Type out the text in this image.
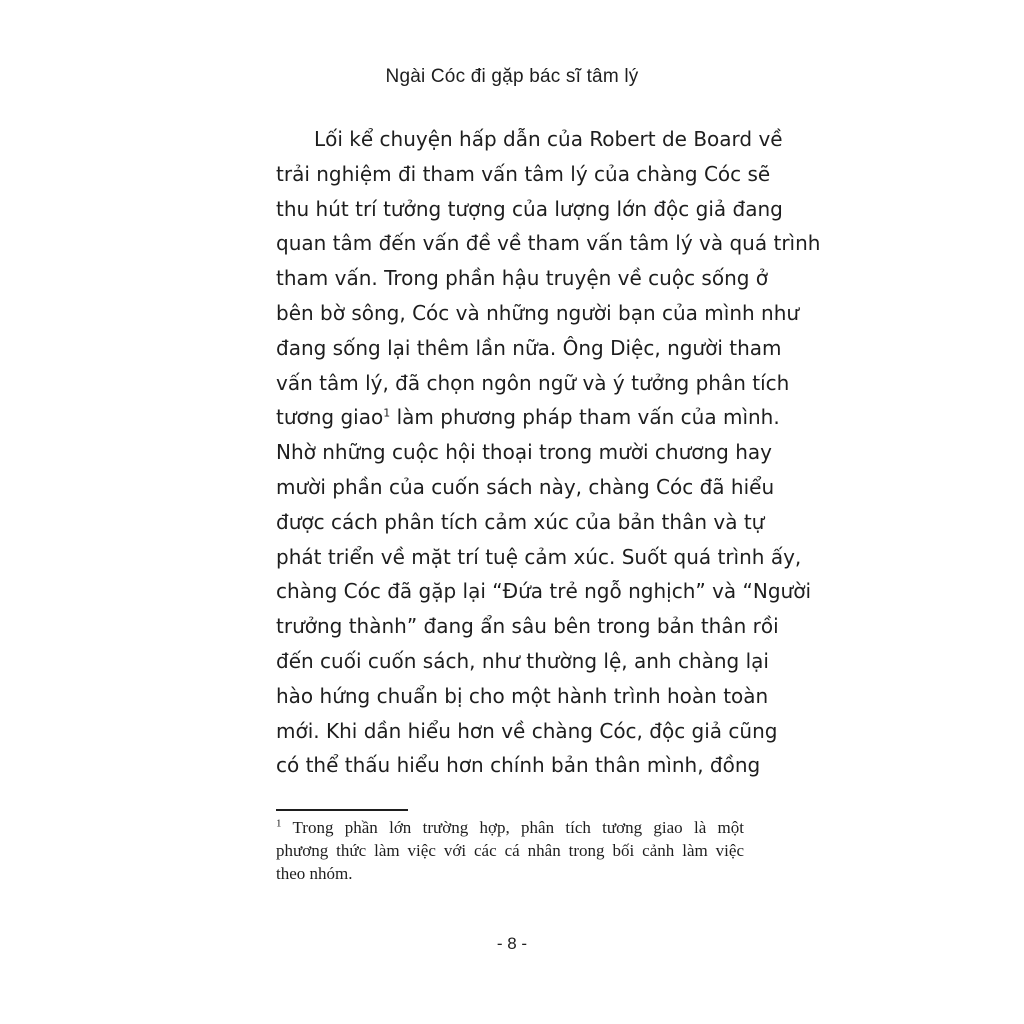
Ngài Cóc đi gặp bác sĩ tâm lý
Lối kể chuyện hấp dẫn của Robert de Board về
trải nghiệm đi tham vấn tâm lý của chàng Cóc sẽ
thu hút trí tưởng tượng của lượng lớn độc giả đang
quan tâm đến vấn đề về tham vấn tâm lý và quá trình
tham vấn. Trong phần hậu truyện về cuộc sống ở
bên bờ sông, Cóc và những người bạn của mình như
đang sống lại thêm lần nữa. Ông Diệc, người tham
vấn tâm lý, đã chọn ngôn ngữ và ý tưởng phân tích
tương giao$^1$ làm phương pháp tham vấn của mình.
Nhờ những cuộc hội thoại trong mười chương hay
mười phần của cuốn sách này, chàng Cóc đã hiểu
được cách phân tích cảm xúc của bản thân và tự
phát triển về mặt trí tuệ cảm xúc. Suốt quá trình ấy,
chàng Cóc đã gặp lại “Đứa trẻ ngỗ nghịch” và “Người
trưởng thành” đang ẩn sâu bên trong bản thân rồi
đến cuối cuốn sách, như thường lệ, anh chàng lại
hào hứng chuẩn bị cho một hành trình hoàn toàn
mới. Khi dần hiểu hơn về chàng Cóc, độc giả cũng
có thể thấu hiểu hơn chính bản thân mình, đồng
$^1$ Trong phần lớn trường hợp, phân tích tương giao là một
phương thức làm việc với các cá nhân trong bối cảnh làm việc
theo nhóm.
- 8 -
